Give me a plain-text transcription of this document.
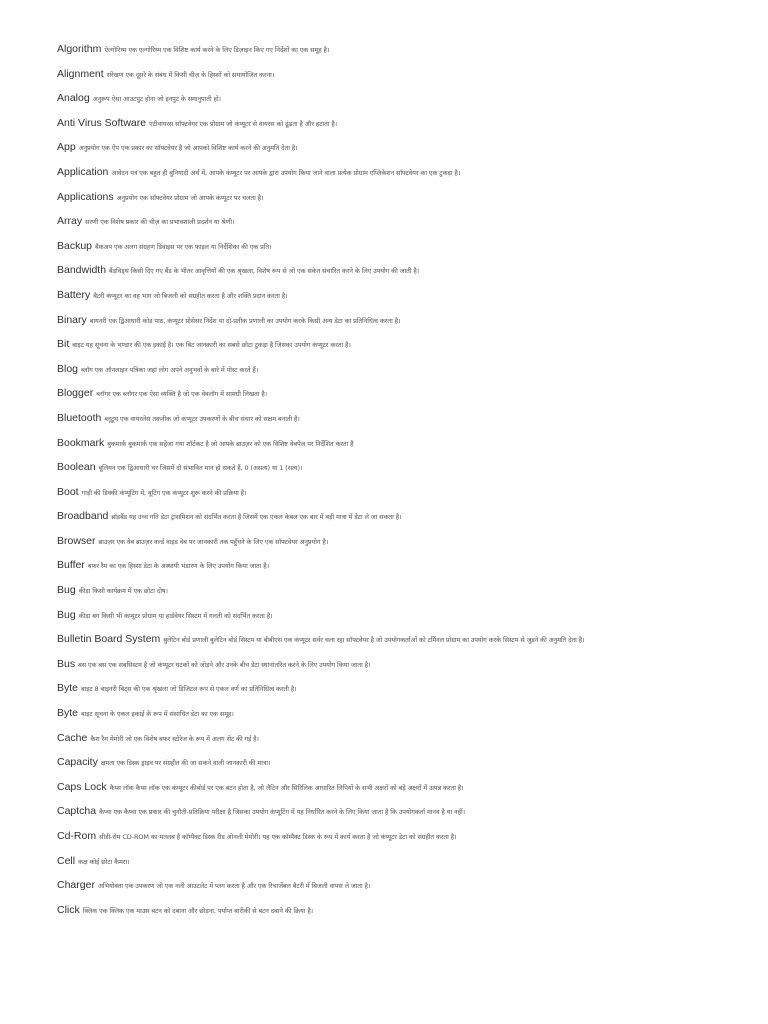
Algorithm ऐल्गोरिथ्म एक एल्गोरिथ्म एक विशिष्ट कार्य करने के लिए डिज़ाइन किए गए निर्देशों का एक समूह है।
Alignment संरेखण एक दूसरे के संबंध में किसी चीज़ के हिस्सों को समायोजित करना।
Analog अनुरूप ऐसा आउटपुट होना जो इनपुट के समानुपाती हो।
Anti Virus Software एंटीवायरस सॉफ्टवेयर एक प्रोग्राम जो कंप्यूटर से वायरस को ढूंढता है और हटाता है।
App अनुप्रयोग एक ऐप एक प्रकार का सॉफ्टवेयर है जो आपको विशिष्ट कार्य करने की अनुमति देता है।
Application आवेदन पत्र एक बहुत ही बुनियादी अर्थ में, आपके कंप्यूटर पर आपके द्वारा उपयोग किया जाने वाला प्रत्येक प्रोग्राम एप्लिकेशन सॉफ्टवेयर का एक टुकड़ा है।
Applications अनुप्रयोग एक सॉफ्टवेयर प्रोग्राम जो आपके कंप्यूटर पर चलता है।
Array सरणी एक विशेष प्रकार की चीज़ का प्रभावशाली प्रदर्शन या श्रेणी।
Backup बैकअप एक अलग संग्रहण डिवाइस पर एक फ़ाइल या निर्देशिका की एक प्रति।
Bandwidth बैंडविड्थ किसी दिए गए बैंड के भीतर आवृत्तियों की एक श्रृंखला, विशेष रूप से जो एक संकेत संचारित करने के लिए उपयोग की जाती है।
Battery बैटरी कंप्यूटर का वह भाग जो बिजली को संग्रहीत करता है और शक्ति प्रदान करता है।
Binary बायनरी एक द्विआधारी कोड पाठ, कंप्यूटर प्रोसेसर निर्देश या दो-प्रतीक प्रणाली का उपयोग करके किसी अन्य डेटा का प्रतिनिधित्व करता है।
Bit बाइट यह सूचना के भण्डार की एक इकाई है। एक बिट जानकारी का सबसे छोटा टुकड़ा है जिसका उपयोग कंप्यूटर करता है।
Blog ब्लॉग एक ऑनलाइन पत्रिका जहां लोग अपने अनुभवों के बारे में पोस्ट करते हैं।
Blogger ब्लॉगर एक ब्लॉगर एक ऐसा व्यक्ति है जो एक वेबलॉग में सामग्री लिखता है।
Bluetooth ब्लूटूथ एक वायरलेस तकनीक जो कंप्यूटर उपकरणों के बीच संचार को सक्षम बनाती है।
Bookmark बुकमार्क बुकमार्क एक सहेजा गया शॉर्टकट है जो आपके ब्राउज़र को एक विशिष्ट वेबपेज पर निर्देशित करता है
Boolean बूलियन एक द्विआधारी चर जिसमें दो संभावित मान हो सकते हैं, 0 (असत्य) या 1 (सत्य)।
Boot गाड़ी की डिक्की कंप्यूटिंग में, बूटिंग एक कंप्यूटर शुरू करने की प्रक्रिया है।
Broadband ब्रॉडबैंड यह उच्च गति डेटा ट्रांसमिशन को संदर्भित करता है जिसमें एक एकल केबल एक बार में बड़ी मात्रा में डेटा ले जा सकता है।
Browser ब्राउज़र एक वेब ब्राउज़र वर्ल्ड वाइड वेब पर जानकारी तक पहुँचने के लिए एक सॉफ्टवेयर अनुप्रयोग है।
Buffer बफ़र रैम का एक हिस्सा डेटा के अस्थायी भंडारण के लिए उपयोग किया जाता है।
Bug कीड़ा किसी कार्यक्रम में एक छोटा दोष।
Bug कीड़ा बग किसी भी कंप्यूटर प्रोग्राम या हार्डवेयर सिस्टम में गलती को संदर्भित करता है।
Bulletin Board System बुलेटिन बोर्ड प्रणाली बुलेटिन बोर्ड सिस्टम या बीबीएस एक कंप्यूटर सर्वर चला रहा सॉफ्टवेयर है जो उपयोगकर्ताओं को टर्मिनल प्रोग्राम का उपयोग करके सिस्टम से जुड़ने की अनुमति देता है।
Bus बस एक बस एक सबसिस्टम है जो कंप्यूटर घटकों को जोड़ने और उनके बीच डेटा स्थानांतरित करने के लिए उपयोग किया जाता है।
Byte बाइट 8 बाइनरी बिट्स की एक श्रृंखला जो डिजिटल रूप से एकल वर्ण का प्रतिनिधित्व करती है।
Byte बाइट सूचना के एकल इकाई के रूप में संसाधित डेटा का एक समूह।
Cache कैश रैम मेमोरी जो एक विशेष बफर स्टोरेज के रूप में अलग सेट की गई है।
Capacity क्षमता एक डिस्क ड्राइव पर संग्रहीत की जा सकने वाली जानकारी की मात्रा।
Caps Lock कैप्स लॉक कैप्स लॉक एक कंप्यूटर कीबोर्ड पर एक बटन होता है, जो लैटिन और सिरिलिक आधारित लिपियों के सभी अक्षरों को बड़े अक्षरों में उत्पन्न करता है।
Captcha कैप्चा एक कैप्चा एक प्रकार की चुनौती-प्रतिक्रिया परीक्षा है जिसका उपयोग कंप्यूटिंग में यह निर्धारित करने के लिए किया जाता है कि उपयोगकर्ता मानव है या नहीं।
Cd-Rom सीडी-रोम CD-ROM का मतलब है कॉम्पैक्ट डिस्क रीड ओनली मेमोरी। यह एक कॉम्पैक्ट डिस्क के रूप में कार्य करता है जो कंप्यूटर डेटा को संग्रहीत करता है।
Cell कक्ष कोई छोटा कैमरा।
Charger अभियोक्ता एक उपकरण जो एक नली आउटलेट में प्लग करता है और एक रिचार्जेबल बैटरी में बिजली वापस ले जाता है।
Click क्लिक एक क्लिक एक माउस बटन को दबाना और छोड़ना, पर्याप्त बारीकी से बटन दबाने की क्रिया है।
